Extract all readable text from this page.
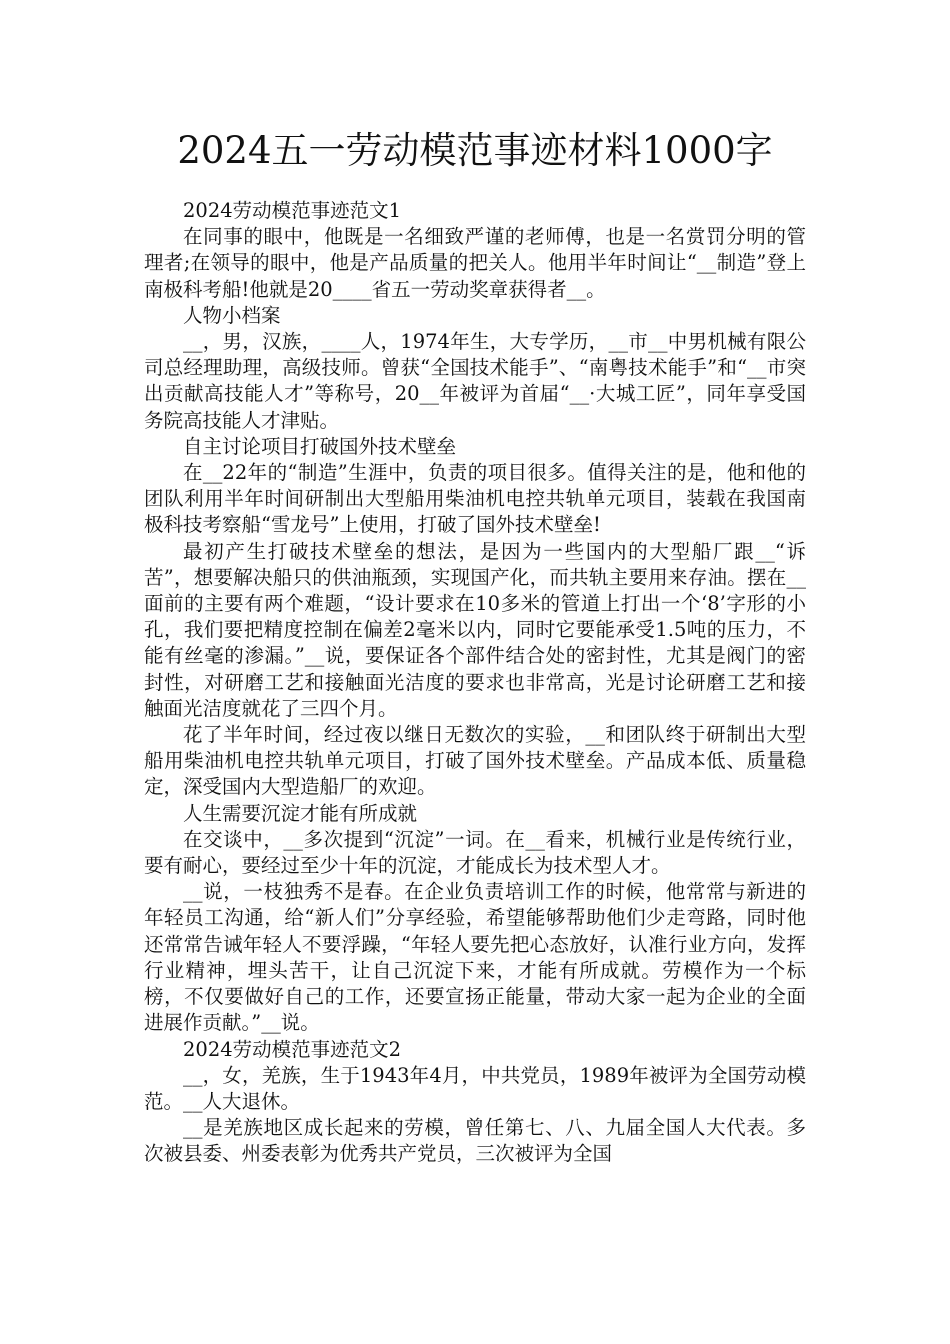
2024五一劳动模范事迹材料1000字

2024劳动模范事迹范文1

在同事的眼中，他既是一名细致严谨的老师傅，也是一名赏罚分明的管理者;在领导的眼中，他是产品质量的把关人。他用半年时间让“__制造”登上南极科考船!他就是20____省五一劳动奖章获得者__。

人物小档案

__，男，汉族，____人，1974年生，大专学历，__市__中男机械有限公司总经理助理，高级技师。曾获“全国技术能手”、“南粤技术能手”和“__市突出贡献高技能人才”等称号，20__年被评为首届“__·大城工匠”，同年享受国务院高技能人才津贴。

自主讨论项目打破国外技术壁垒

在__22年的“制造”生涯中，负责的项目很多。值得关注的是，他和他的团队利用半年时间研制出大型船用柴油机电控共轨单元项目，装载在我国南极科技考察船“雪龙号”上使用，打破了国外技术壁垒!

最初产生打破技术壁垒的想法，是因为一些国内的大型船厂跟__“诉苦”，想要解决船只的供油瓶颈，实现国产化，而共轨主要用来存油。摆在__面前的主要有两个难题，“设计要求在10多米的管道上打出一个‘8’字形的小孔，我们要把精度控制在偏差2毫米以内，同时它要能承受1.5吨的压力，不能有丝毫的渗漏。”__说，要保证各个部件结合处的密封性，尤其是阀门的密封性，对研磨工艺和接触面光洁度的要求也非常高，光是讨论研磨工艺和接触面光洁度就花了三四个月。

花了半年时间，经过夜以继日无数次的实验，__和团队终于研制出大型船用柴油机电控共轨单元项目，打破了国外技术壁垒。产品成本低、质量稳定，深受国内大型造船厂的欢迎。

人生需要沉淀才能有所成就

在交谈中，__多次提到“沉淀”一词。在__看来，机械行业是传统行业，要有耐心，要经过至少十年的沉淀，才能成长为技术型人才。

__说，一枝独秀不是春。在企业负责培训工作的时候，他常常与新进的年轻员工沟通，给“新人们”分享经验，希望能够帮助他们少走弯路，同时他还常常告诫年轻人不要浮躁，“年轻人要先把心态放好，认准行业方向，发挥行业精神，埋头苦干，让自己沉淀下来，才能有所成就。劳模作为一个标榜，不仅要做好自己的工作，还要宣扬正能量，带动大家一起为企业的全面进展作贡献。”__说。

2024劳动模范事迹范文2

__，女，羌族，生于1943年4月，中共党员，1989年被评为全国劳动模范。__人大退休。

__是羌族地区成长起来的劳模，曾任第七、八、九届全国人大代表。多次被县委、州委表彰为优秀共产党员，三次被评为全国
